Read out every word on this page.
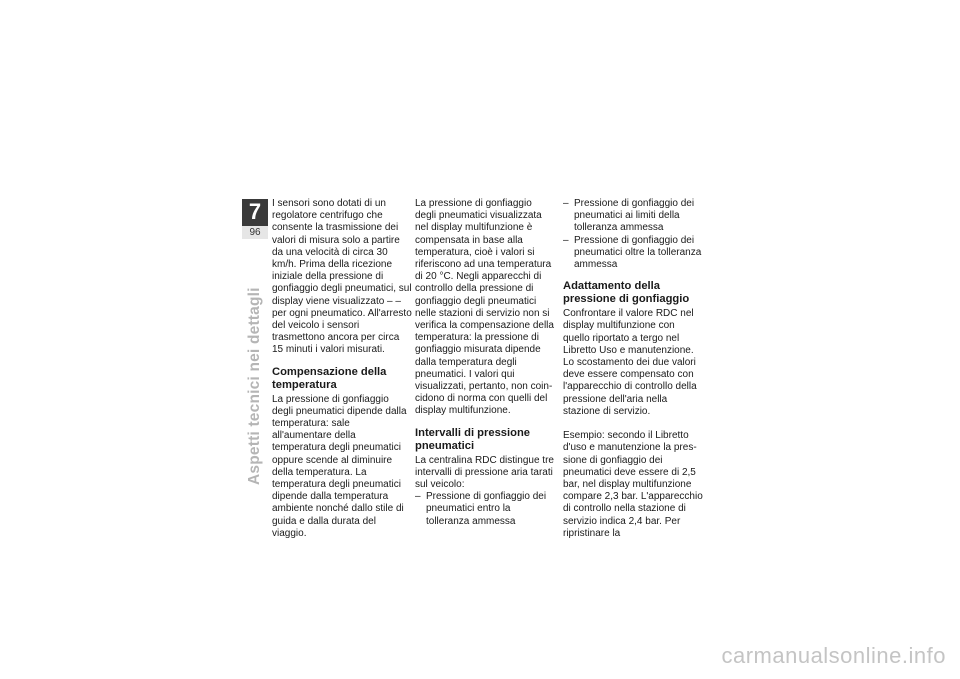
7
96
Aspetti tecnici nei dettagli

I sensori sono dotati di un regolatore centrifugo che consente la trasmissione dei valori di misura solo a partire da una velocità di circa 30 km/h. Prima della ricezione iniziale della pressione di gonfiaggio degli pneumatici, sul display viene visualizzato – – per ogni pneumatico. All'arresto del veicolo i sensori trasmettono ancora per circa 15 minuti i valori misurati.

Compensazione della temperatura

La pressione di gonfiaggio degli pneumatici dipende dalla temperatura: sale all'aumentare della temperatura degli pneumatici oppure scende al diminuire della temperatura. La temperatura degli pneumatici dipende dalla temperatura ambiente nonché dallo stile di guida e dalla durata del viaggio.

La pressione di gonfiaggio degli pneumatici visualizzata nel display multifunzione è compensata in base alla temperatura, cioè i valori si riferiscono ad una temperatura di 20 °C. Negli apparecchi di controllo della pressione di gonfiaggio degli pneumatici nelle stazioni di servizio non si verifica la compensazione della temperatura: la pressione di gonfiaggio misurata dipende dalla temperatura degli pneumatici. I valori qui visualizzati, pertanto, non coincidono di norma con quelli del display multifunzione.

Intervalli di pressione pneumatici

La centralina RDC distingue tre intervalli di pressione aria tarati sul veicolo:

– Pressione di gonfiaggio dei pneumatici entro la tolleranza ammessa
– Pressione di gonfiaggio dei pneumatici ai limiti della tolleranza ammessa
– Pressione di gonfiaggio dei pneumatici oltre la tolleranza ammessa
Adattamento della pressione di gonfiaggio

Confrontare il valore RDC nel display multifunzione con quello riportato a tergo nel Libretto Uso e manutenzione. Lo scostamento dei due valori deve essere compensato con l'apparecchio di controllo della pressione dell'aria nella stazione di servizio.

Esempio: secondo il Libretto d'uso e manutenzione la pressione di gonfiaggio dei pneumatici deve essere di 2,5 bar, nel display multifunzione compare 2,3 bar. L'apparecchio di controllo nella stazione di servizio indica 2,4 bar. Per ripristinare la

carmanualsonline.info
